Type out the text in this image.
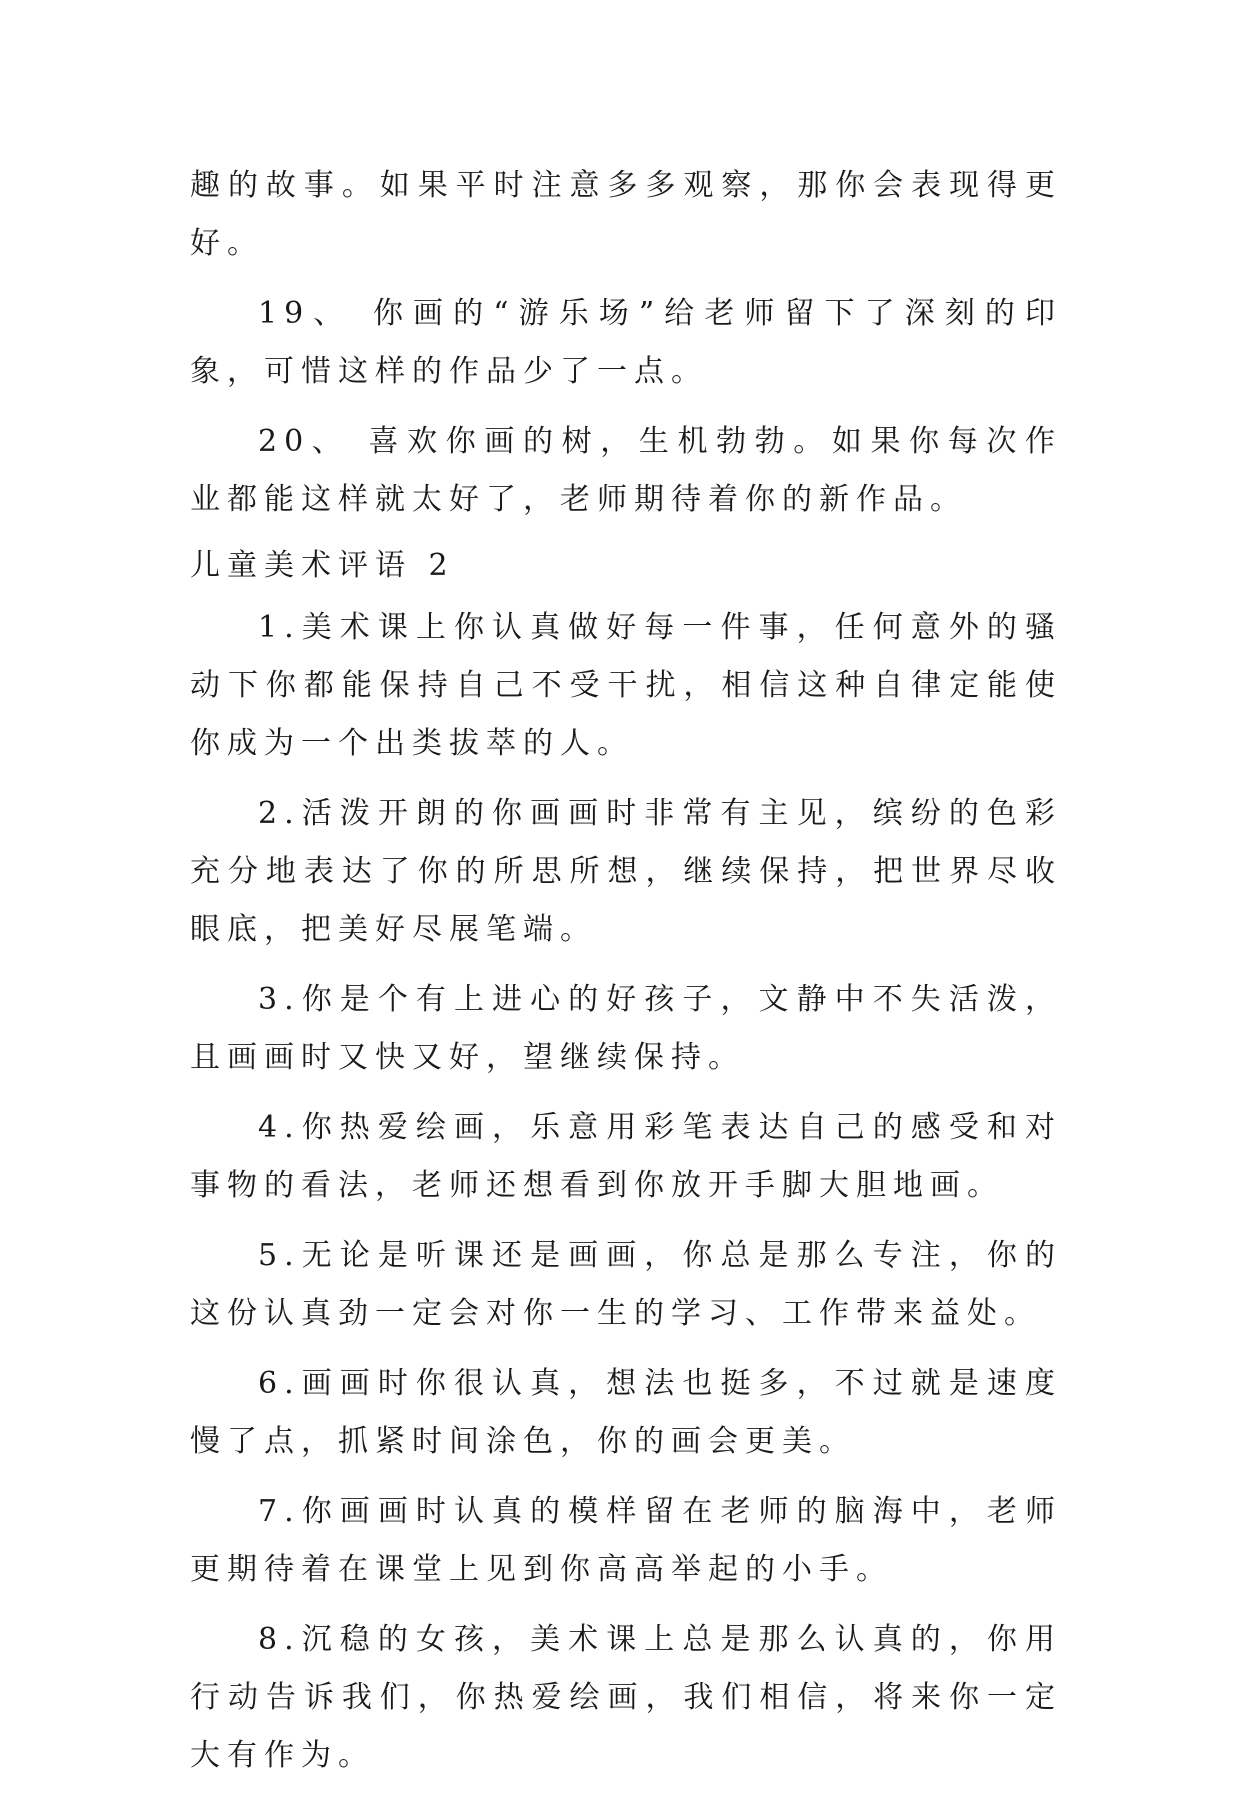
趣的故事。如果平时注意多多观察，那你会表现得更好。

19、 你画的“游乐场”给老师留下了深刻的印象，可惜这样的作品少了一点。

20、 喜欢你画的树，生机勃勃。如果你每次作业都能这样就太好了，老师期待着你的新作品。

儿童美术评语 2

1.美术课上你认真做好每一件事，任何意外的骚动下你都能保持自己不受干扰，相信这种自律定能使你成为一个出类拔萃的人。

2.活泼开朗的你画画时非常有主见，缤纷的色彩充分地表达了你的所思所想，继续保持，把世界尽收眼底，把美好尽展笔端。

3.你是个有上进心的好孩子，文静中不失活泼，且画画时又快又好，望继续保持。

4.你热爱绘画，乐意用彩笔表达自己的感受和对事物的看法，老师还想看到你放开手脚大胆地画。

5.无论是听课还是画画，你总是那么专注，你的这份认真劲一定会对你一生的学习、工作带来益处。

6.画画时你很认真，想法也挺多，不过就是速度慢了点，抓紧时间涂色，你的画会更美。

7.你画画时认真的模样留在老师的脑海中，老师更期待着在课堂上见到你高高举起的小手。

8.沉稳的女孩，美术课上总是那么认真的，你用行动告诉我们，你热爱绘画，我们相信，将来你一定大有作为。
